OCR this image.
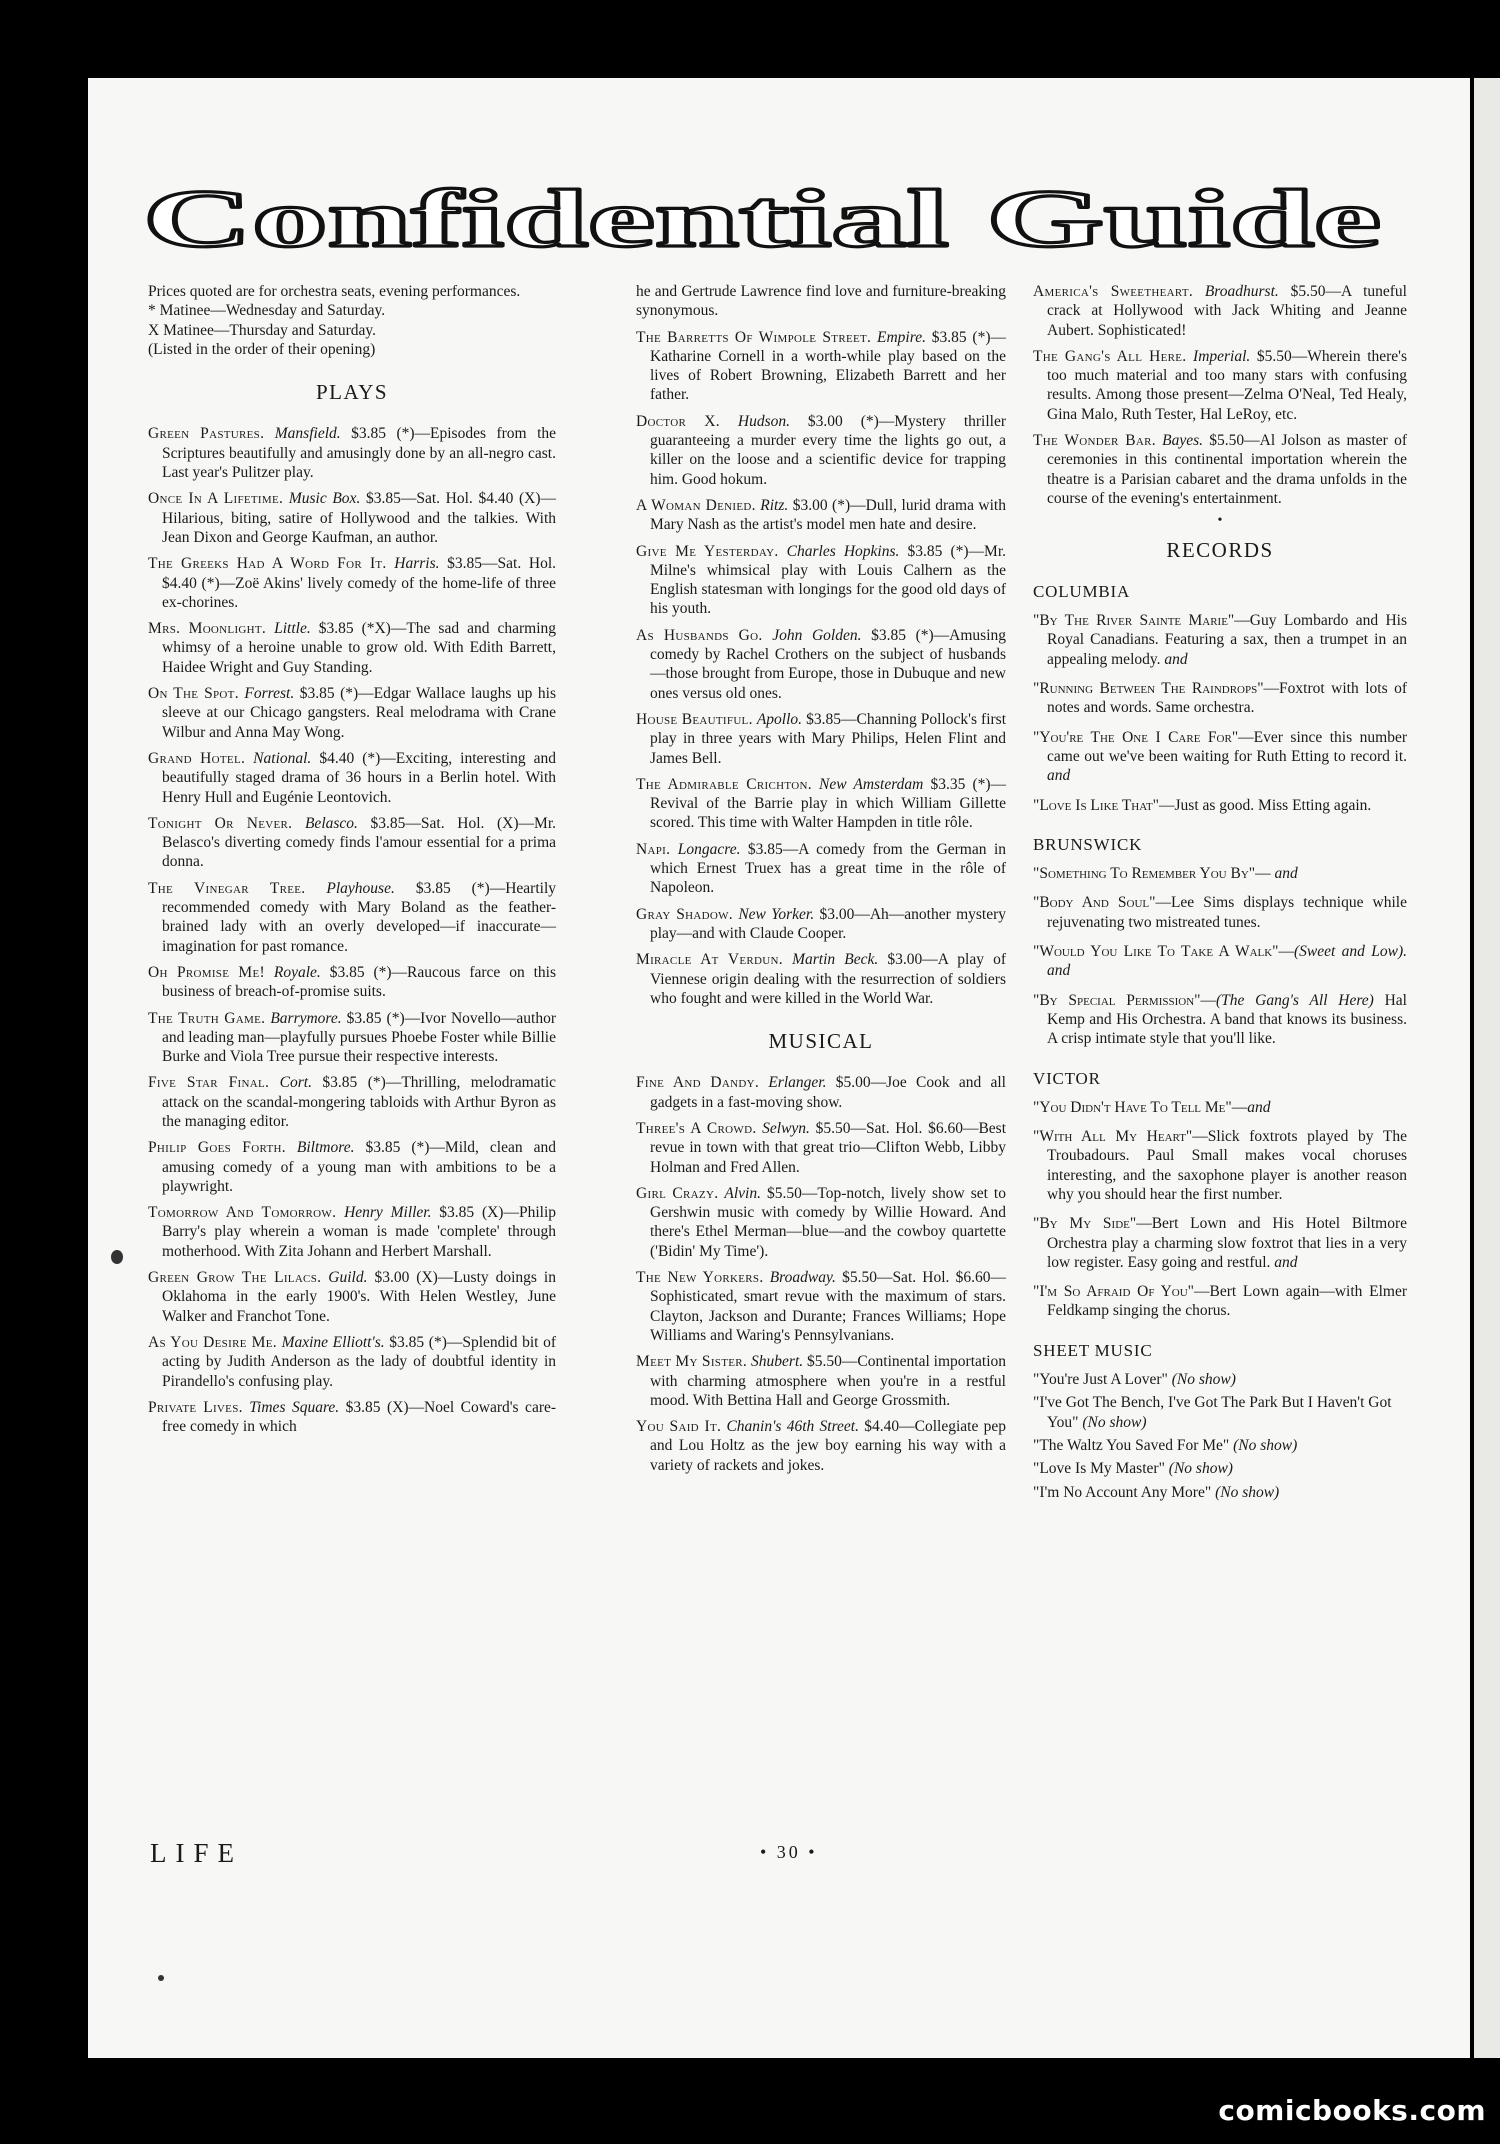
Confidential Guide

Prices quoted are for orchestra seats, evening performances.

* Matinee—Wednesday and Saturday.

X Matinee—Thursday and Saturday.

(Listed in the order of their opening)

PLAYS

Green Pastures. Mansfield. $3.85 (*)—Episodes from the Scriptures beautifully and amusingly done by an all-negro cast. Last year's Pulitzer play.

Once In A Lifetime. Music Box. $3.85—Sat. Hol. $4.40 (X)—Hilarious, biting, satire of Hollywood and the talkies. With Jean Dixon and George Kaufman, an author.

The Greeks Had A Word For It. Harris. $3.85—Sat. Hol. $4.40 (*)—Zoë Akins' lively comedy of the home-life of three ex-chorines.

Mrs. Moonlight. Little. $3.85 (*X)—The sad and charming whimsy of a heroine unable to grow old. With Edith Barrett, Haidee Wright and Guy Standing.

On The Spot. Forrest. $3.85 (*)—Edgar Wallace laughs up his sleeve at our Chicago gangsters. Real melodrama with Crane Wilbur and Anna May Wong.

Grand Hotel. National. $4.40 (*)—Exciting, interesting and beautifully staged drama of 36 hours in a Berlin hotel. With Henry Hull and Eugénie Leontovich.

Tonight Or Never. Belasco. $3.85—Sat. Hol. (X)—Mr. Belasco's diverting comedy finds l'amour essential for a prima donna.

The Vinegar Tree. Playhouse. $3.85 (*)—Heartily recommended comedy with Mary Boland as the feather-brained lady with an overly developed—if inaccurate—imagination for past romance.

Oh Promise Me! Royale. $3.85 (*)—Raucous farce on this business of breach-of-promise suits.

The Truth Game. Barrymore. $3.85 (*)—Ivor Novello—author and leading man—playfully pursues Phoebe Foster while Billie Burke and Viola Tree pursue their respective interests.

Five Star Final. Cort. $3.85 (*)—Thrilling, melodramatic attack on the scandal-mongering tabloids with Arthur Byron as the managing editor.

Philip Goes Forth. Biltmore. $3.85 (*)—Mild, clean and amusing comedy of a young man with ambitions to be a playwright.

Tomorrow And Tomorrow. Henry Miller. $3.85 (X)—Philip Barry's play wherein a woman is made 'complete' through motherhood. With Zita Johann and Herbert Marshall.

Green Grow The Lilacs. Guild. $3.00 (X)—Lusty doings in Oklahoma in the early 1900's. With Helen Westley, June Walker and Franchot Tone.

As You Desire Me. Maxine Elliott's. $3.85 (*)—Splendid bit of acting by Judith Anderson as the lady of doubtful identity in Pirandello's confusing play.

Private Lives. Times Square. $3.85 (X)—Noel Coward's care-free comedy in which

he and Gertrude Lawrence find love and furniture-breaking synonymous.

The Barretts Of Wimpole Street. Empire. $3.85 (*)—Katharine Cornell in a worth-while play based on the lives of Robert Browning, Elizabeth Barrett and her father.

Doctor X. Hudson. $3.00 (*)—Mystery thriller guaranteeing a murder every time the lights go out, a killer on the loose and a scientific device for trapping him. Good hokum.

A Woman Denied. Ritz. $3.00 (*)—Dull, lurid drama with Mary Nash as the artist's model men hate and desire.

Give Me Yesterday. Charles Hopkins. $3.85 (*)—Mr. Milne's whimsical play with Louis Calhern as the English statesman with longings for the good old days of his youth.

As Husbands Go. John Golden. $3.85 (*)—Amusing comedy by Rachel Crothers on the subject of husbands—those brought from Europe, those in Dubuque and new ones versus old ones.

House Beautiful. Apollo. $3.85—Channing Pollock's first play in three years with Mary Philips, Helen Flint and James Bell.

The Admirable Crichton. New Amsterdam $3.35 (*)—Revival of the Barrie play in which William Gillette scored. This time with Walter Hampden in title rôle.

Napi. Longacre. $3.85—A comedy from the German in which Ernest Truex has a great time in the rôle of Napoleon.

Gray Shadow. New Yorker. $3.00—Ah—another mystery play—and with Claude Cooper.

Miracle At Verdun. Martin Beck. $3.00—A play of Viennese origin dealing with the resurrection of soldiers who fought and were killed in the World War.

MUSICAL

Fine And Dandy. Erlanger. $5.00—Joe Cook and all gadgets in a fast-moving show.

Three's A Crowd. Selwyn. $5.50—Sat. Hol. $6.60—Best revue in town with that great trio—Clifton Webb, Libby Holman and Fred Allen.

Girl Crazy. Alvin. $5.50—Top-notch, lively show set to Gershwin music with comedy by Willie Howard. And there's Ethel Merman—blue—and the cowboy quartette ('Bidin' My Time').

The New Yorkers. Broadway. $5.50—Sat. Hol. $6.60—Sophisticated, smart revue with the maximum of stars. Clayton, Jackson and Durante; Frances Williams; Hope Williams and Waring's Pennsylvanians.

Meet My Sister. Shubert. $5.50—Continental importation with charming atmosphere when you're in a restful mood. With Bettina Hall and George Grossmith.

You Said It. Chanin's 46th Street. $4.40—Collegiate pep and Lou Holtz as the jew boy earning his way with a variety of rackets and jokes.

America's Sweetheart. Broadhurst. $5.50—A tuneful crack at Hollywood with Jack Whiting and Jeanne Aubert. Sophisticated!

The Gang's All Here. Imperial. $5.50—Wherein there's too much material and too many stars with confusing results. Among those present—Zelma O'Neal, Ted Healy, Gina Malo, Ruth Tester, Hal LeRoy, etc.

The Wonder Bar. Bayes. $5.50—Al Jolson as master of ceremonies in this continental importation wherein the theatre is a Parisian cabaret and the drama unfolds in the course of the evening's entertainment.

•
RECORDS
COLUMBIA

"By The River Sainte Marie"—Guy Lombardo and His Royal Canadians. Featuring a sax, then a trumpet in an appealing melody. and

"Running Between The Raindrops"—Foxtrot with lots of notes and words. Same orchestra.

"You're The One I Care For"—Ever since this number came out we've been waiting for Ruth Etting to record it. and

"Love Is Like That"—Just as good. Miss Etting again.

BRUNSWICK

"Something To Remember You By"— and

"Body And Soul"—Lee Sims displays technique while rejuvenating two mistreated tunes.

"Would You Like To Take A Walk"—(Sweet and Low). and

"By Special Permission"—(The Gang's All Here) Hal Kemp and His Orchestra. A band that knows its business. A crisp intimate style that you'll like.

VICTOR

"You Didn't Have To Tell Me"—and

"With All My Heart"—Slick foxtrots played by The Troubadours. Paul Small makes vocal choruses interesting, and the saxophone player is another reason why you should hear the first number.

"By My Side"—Bert Lown and His Hotel Biltmore Orchestra play a charming slow foxtrot that lies in a very low register. Easy going and restful. and

"I'm So Afraid Of You"—Bert Lown again—with Elmer Feldkamp singing the chorus.

SHEET MUSIC

"You're Just A Lover" (No show)

"I've Got The Bench, I've Got The Park But I Haven't Got You" (No show)

"The Waltz You Saved For Me" (No show)

"Love Is My Master" (No show)

"I'm No Account Any More" (No show)

LIFE	• 30 •
comicbooks.com
